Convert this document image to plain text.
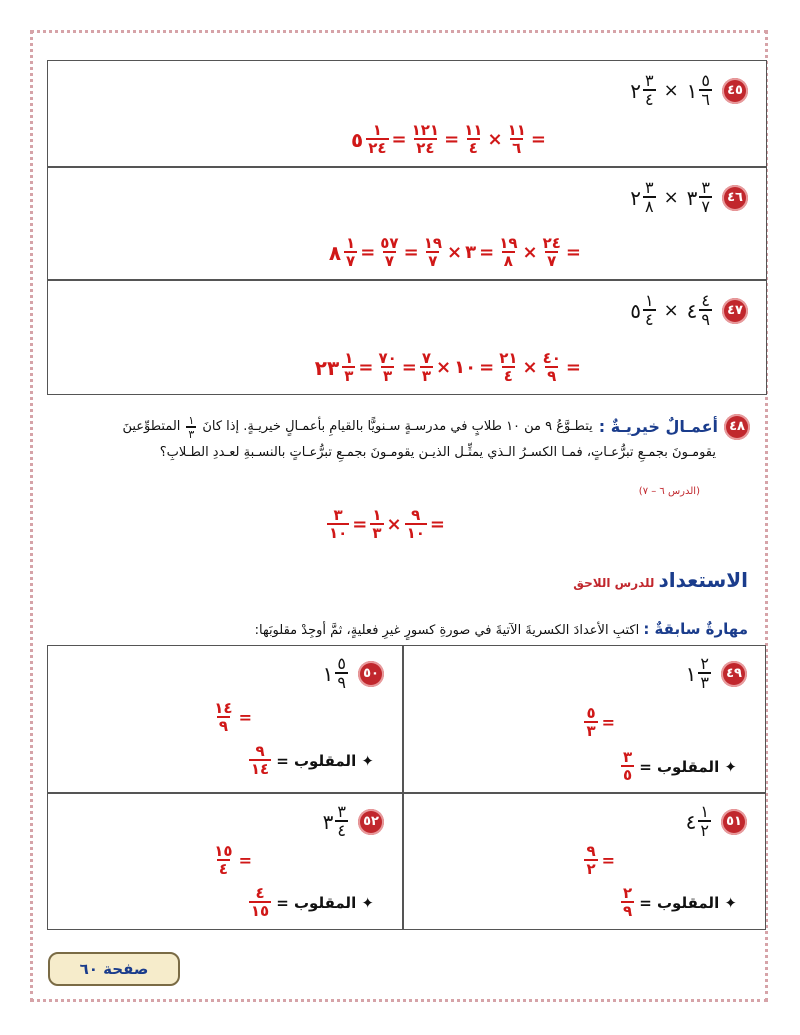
٤٥
٢ $\frac{٣}{٤}$ × ١ $\frac{٥}{٦}$
٥ $\frac{١}{٢٤} = \frac{١٢١}{٢٤} = \frac{١١}{٤} \times \frac{١١}{٦}$ =
٤٦
٢ $\frac{٣}{٨}$ × ٣ $\frac{٣}{٧}$
٨ $\frac{١}{٧} = \frac{٥٧}{٧} = \frac{١٩}{٧}$ × ٣ = $\frac{١٩}{٨} \times \frac{٢٤}{٧}$ =
٤٧
٥ $\frac{١}{٤}$ × ٤ $\frac{٤}{٩}$
٢٣ $\frac{١}{٣} = \frac{٧٠}{٣} = \frac{٧}{٣}$ × ١٠ = $\frac{٢١}{٤} \times \frac{٤٠}{٩}$ =
٤٨
أعمـالٌ خيريـةٌ :
يتطـوَّعُ ٩ من ١٠ طلابٍ في مدرسـةٍ سـنويًّا بالقيامِ بأعمـالٍ خيريـةٍ. إذا كانَ
$\frac{١}{٣}$
المتطوِّعينَ
يقومـونَ بجمـعِ تبرُّعـاتٍ، فمـا الكسـرُ الـذي يمثِّـل الذيـن يقومـونَ بجمـعِ تبرُّعـاتٍ بالنسـبةِ لعـددِ الطـلابِ؟
(الدرس ٦ – ٧)
$\frac{٣}{١٠} = \frac{١}{٣} \times \frac{٩}{١٠}$ =
الاستعدادللدرس اللاحق
مهارةٌ سابقةٌ : اكتبِ الأعدادَ الكسريةَ الآتيةَ في صورةِ كسورٍ غيرِ فعليةٍ، ثمَّ أوجِدْ مقلوبَها:
٤٩
١ $\frac{٢}{٣}$
$\frac{٥}{٣}$ =
✦ المقلوب =
$\frac{٣}{٥}$
٥٠
١ $\frac{٥}{٩}$
$\frac{١٤}{٩}$ =
✦ المقلوب =
$\frac{٩}{١٤}$
٥١
٤ $\frac{١}{٢}$
$\frac{٩}{٢}$ =
✦ المقلوب =
$\frac{٢}{٩}$
٥٢
٣ $\frac{٣}{٤}$
$\frac{١٥}{٤}$ =
✦ المقلوب =
$\frac{٤}{١٥}$
صفحة ٦٠
